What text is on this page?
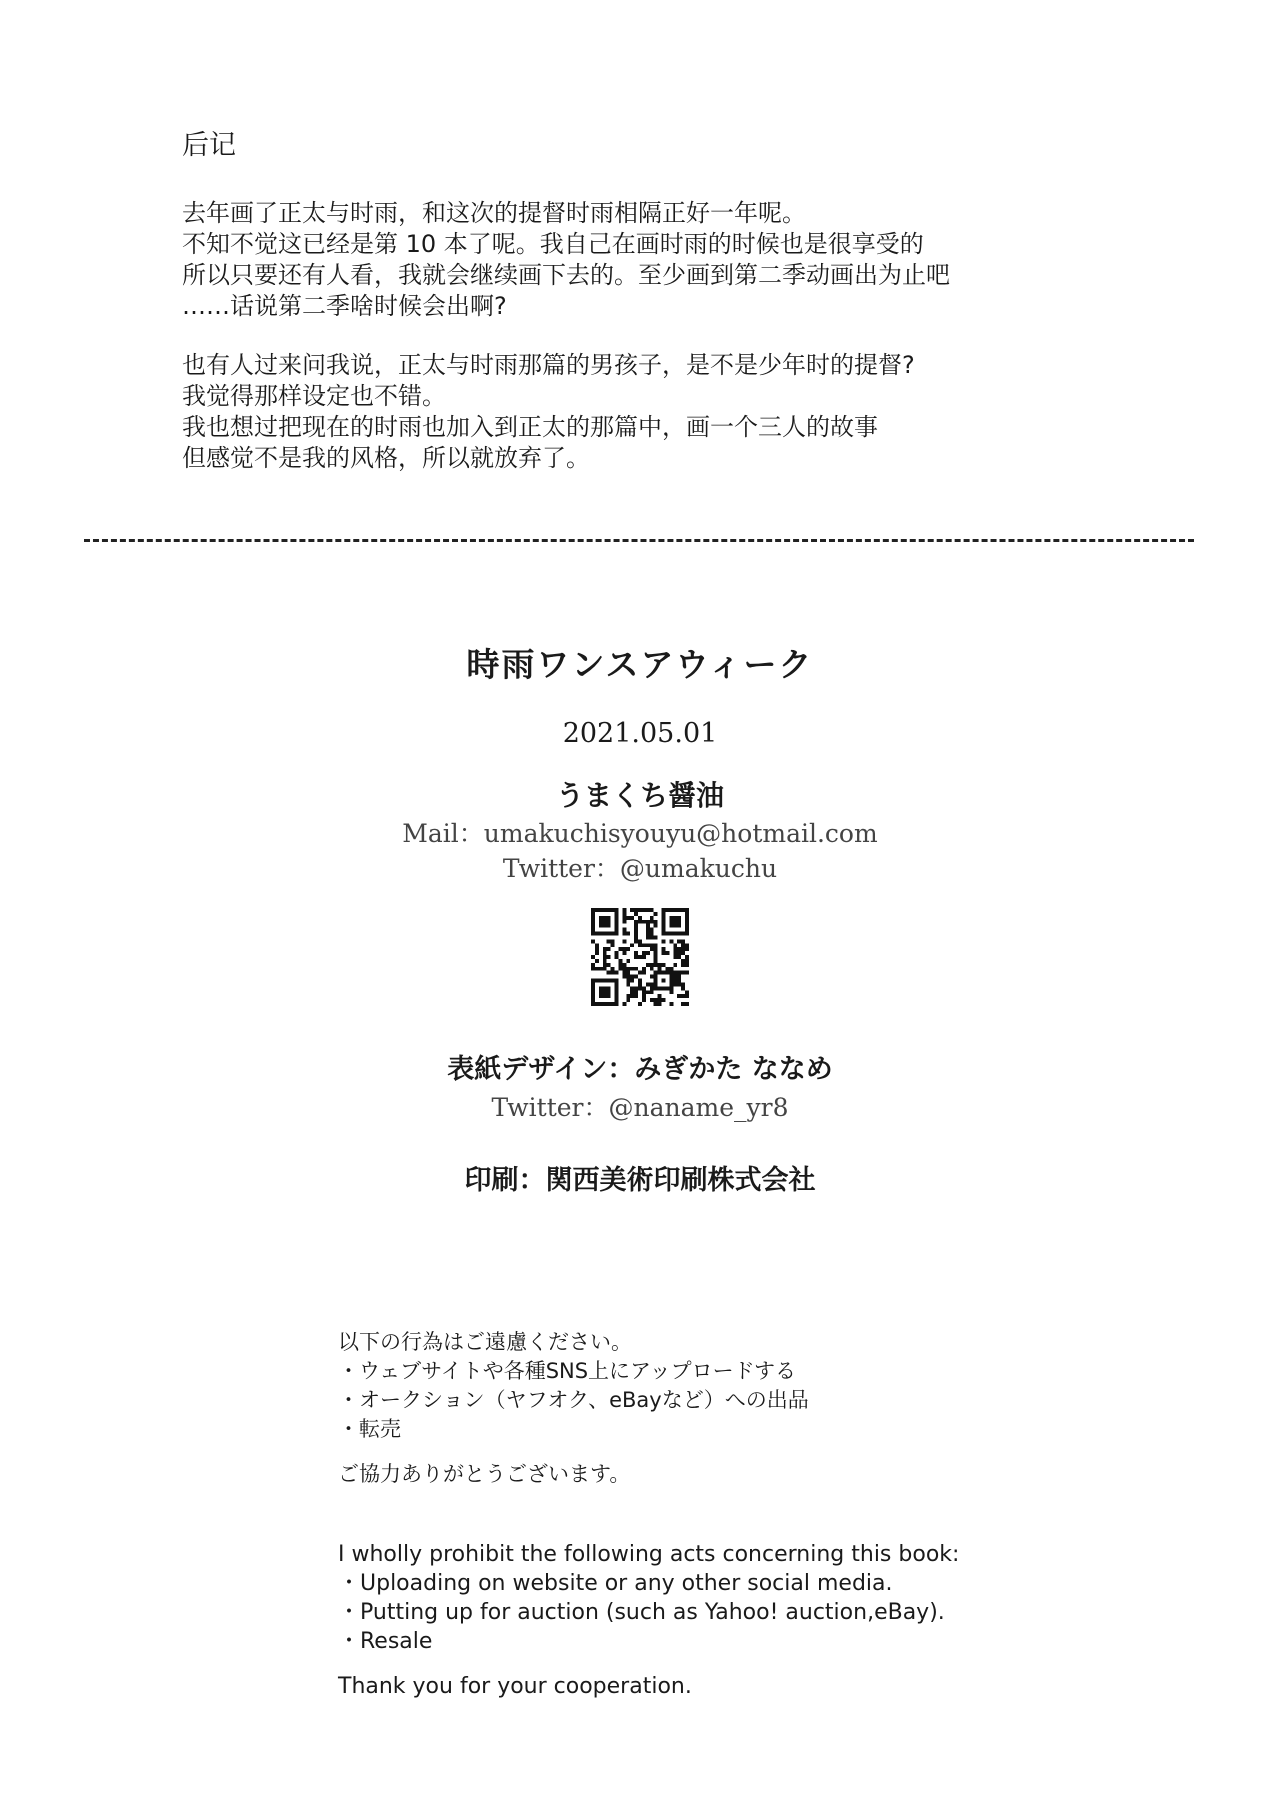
后记
去年画了正太与时雨，和这次的提督时雨相隔正好一年呢。
不知不觉这已经是第 10 本了呢。我自己在画时雨的时候也是很享受的
所以只要还有人看，我就会继续画下去的。至少画到第二季动画出为止吧
……话说第二季啥时候会出啊?
也有人过来问我说，正太与时雨那篇的男孩子，是不是少年时的提督?
我觉得那样设定也不错。
我也想过把现在的时雨也加入到正太的那篇中，画一个三人的故事
但感觉不是我的风格，所以就放弃了。
時雨ワンスアウィーク
2021.05.01
うまくち醤油
Mail：umakuchisyouyu@hotmail.com
Twitter：@umakuchu
表紙デザイン：みぎかた ななめ
Twitter：@naname_yr8
印刷：関西美術印刷株式会社
以下の行為はご遠慮ください。
・ウェブサイトや各種SNS上にアップロードする
・オークション（ヤフオク、eBayなど）への出品
・転売
ご協力ありがとうございます。
I wholly prohibit the following acts concerning this book:
・Uploading on website or any other social media.
・Putting up for auction (such as Yahoo! auction,eBay).
・Resale
Thank you for your cooperation.
